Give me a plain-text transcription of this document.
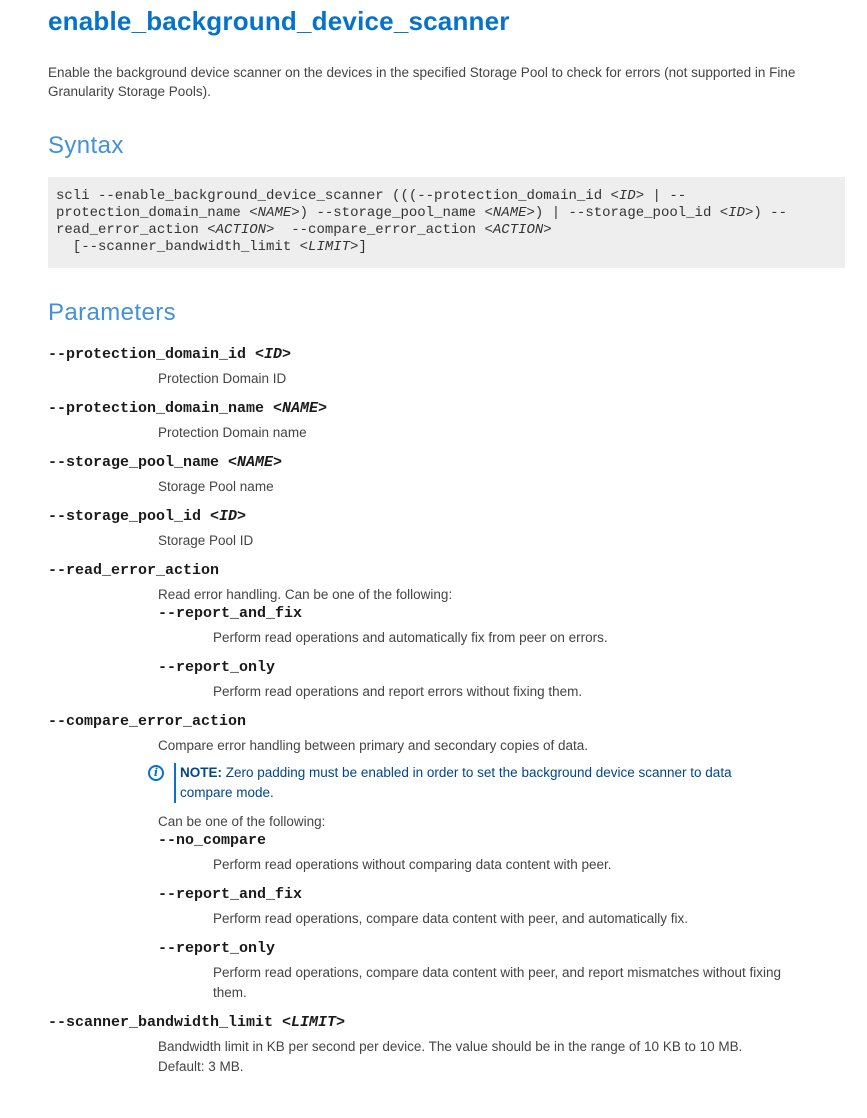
enable_background_device_scanner

Enable the background device scanner on the devices in the specified Storage Pool to check for errors (not supported in Fine Granularity Storage Pools).

Syntax
scli --enable_background_device_scanner (((--protection_domain_id <ID> | --
protection_domain_name <NAME>) --storage_pool_name <NAME>) | --storage_pool_id <ID>) --
read_error_action <ACTION>  --compare_error_action <ACTION>
[--scanner_bandwidth_limit <LIMIT>]
Parameters
--protection_domain_id <ID>
Protection Domain ID
--protection_domain_name <NAME>
Protection Domain name
--storage_pool_name <NAME>
Storage Pool name
--storage_pool_id <ID>
Storage Pool ID
--read_error_action
Read error handling. Can be one of the following:
--report_and_fix
Perform read operations and automatically fix from peer on errors.
--report_only
Perform read operations and report errors without fixing them.
--compare_error_action
Compare error handling between primary and secondary copies of data.
i	NOTE: Zero padding must be enabled in order to set the background device scanner to data compare mode.
Can be one of the following:
--no_compare
Perform read operations without comparing data content with peer.
--report_and_fix
Perform read operations, compare data content with peer, and automatically fix.
--report_only
Perform read operations, compare data content with peer, and report mismatches without fixing them.
--scanner_bandwidth_limit <LIMIT>
Bandwidth limit in KB per second per device. The value should be in the range of 10 KB to 10 MB.
Default: 3 MB.
